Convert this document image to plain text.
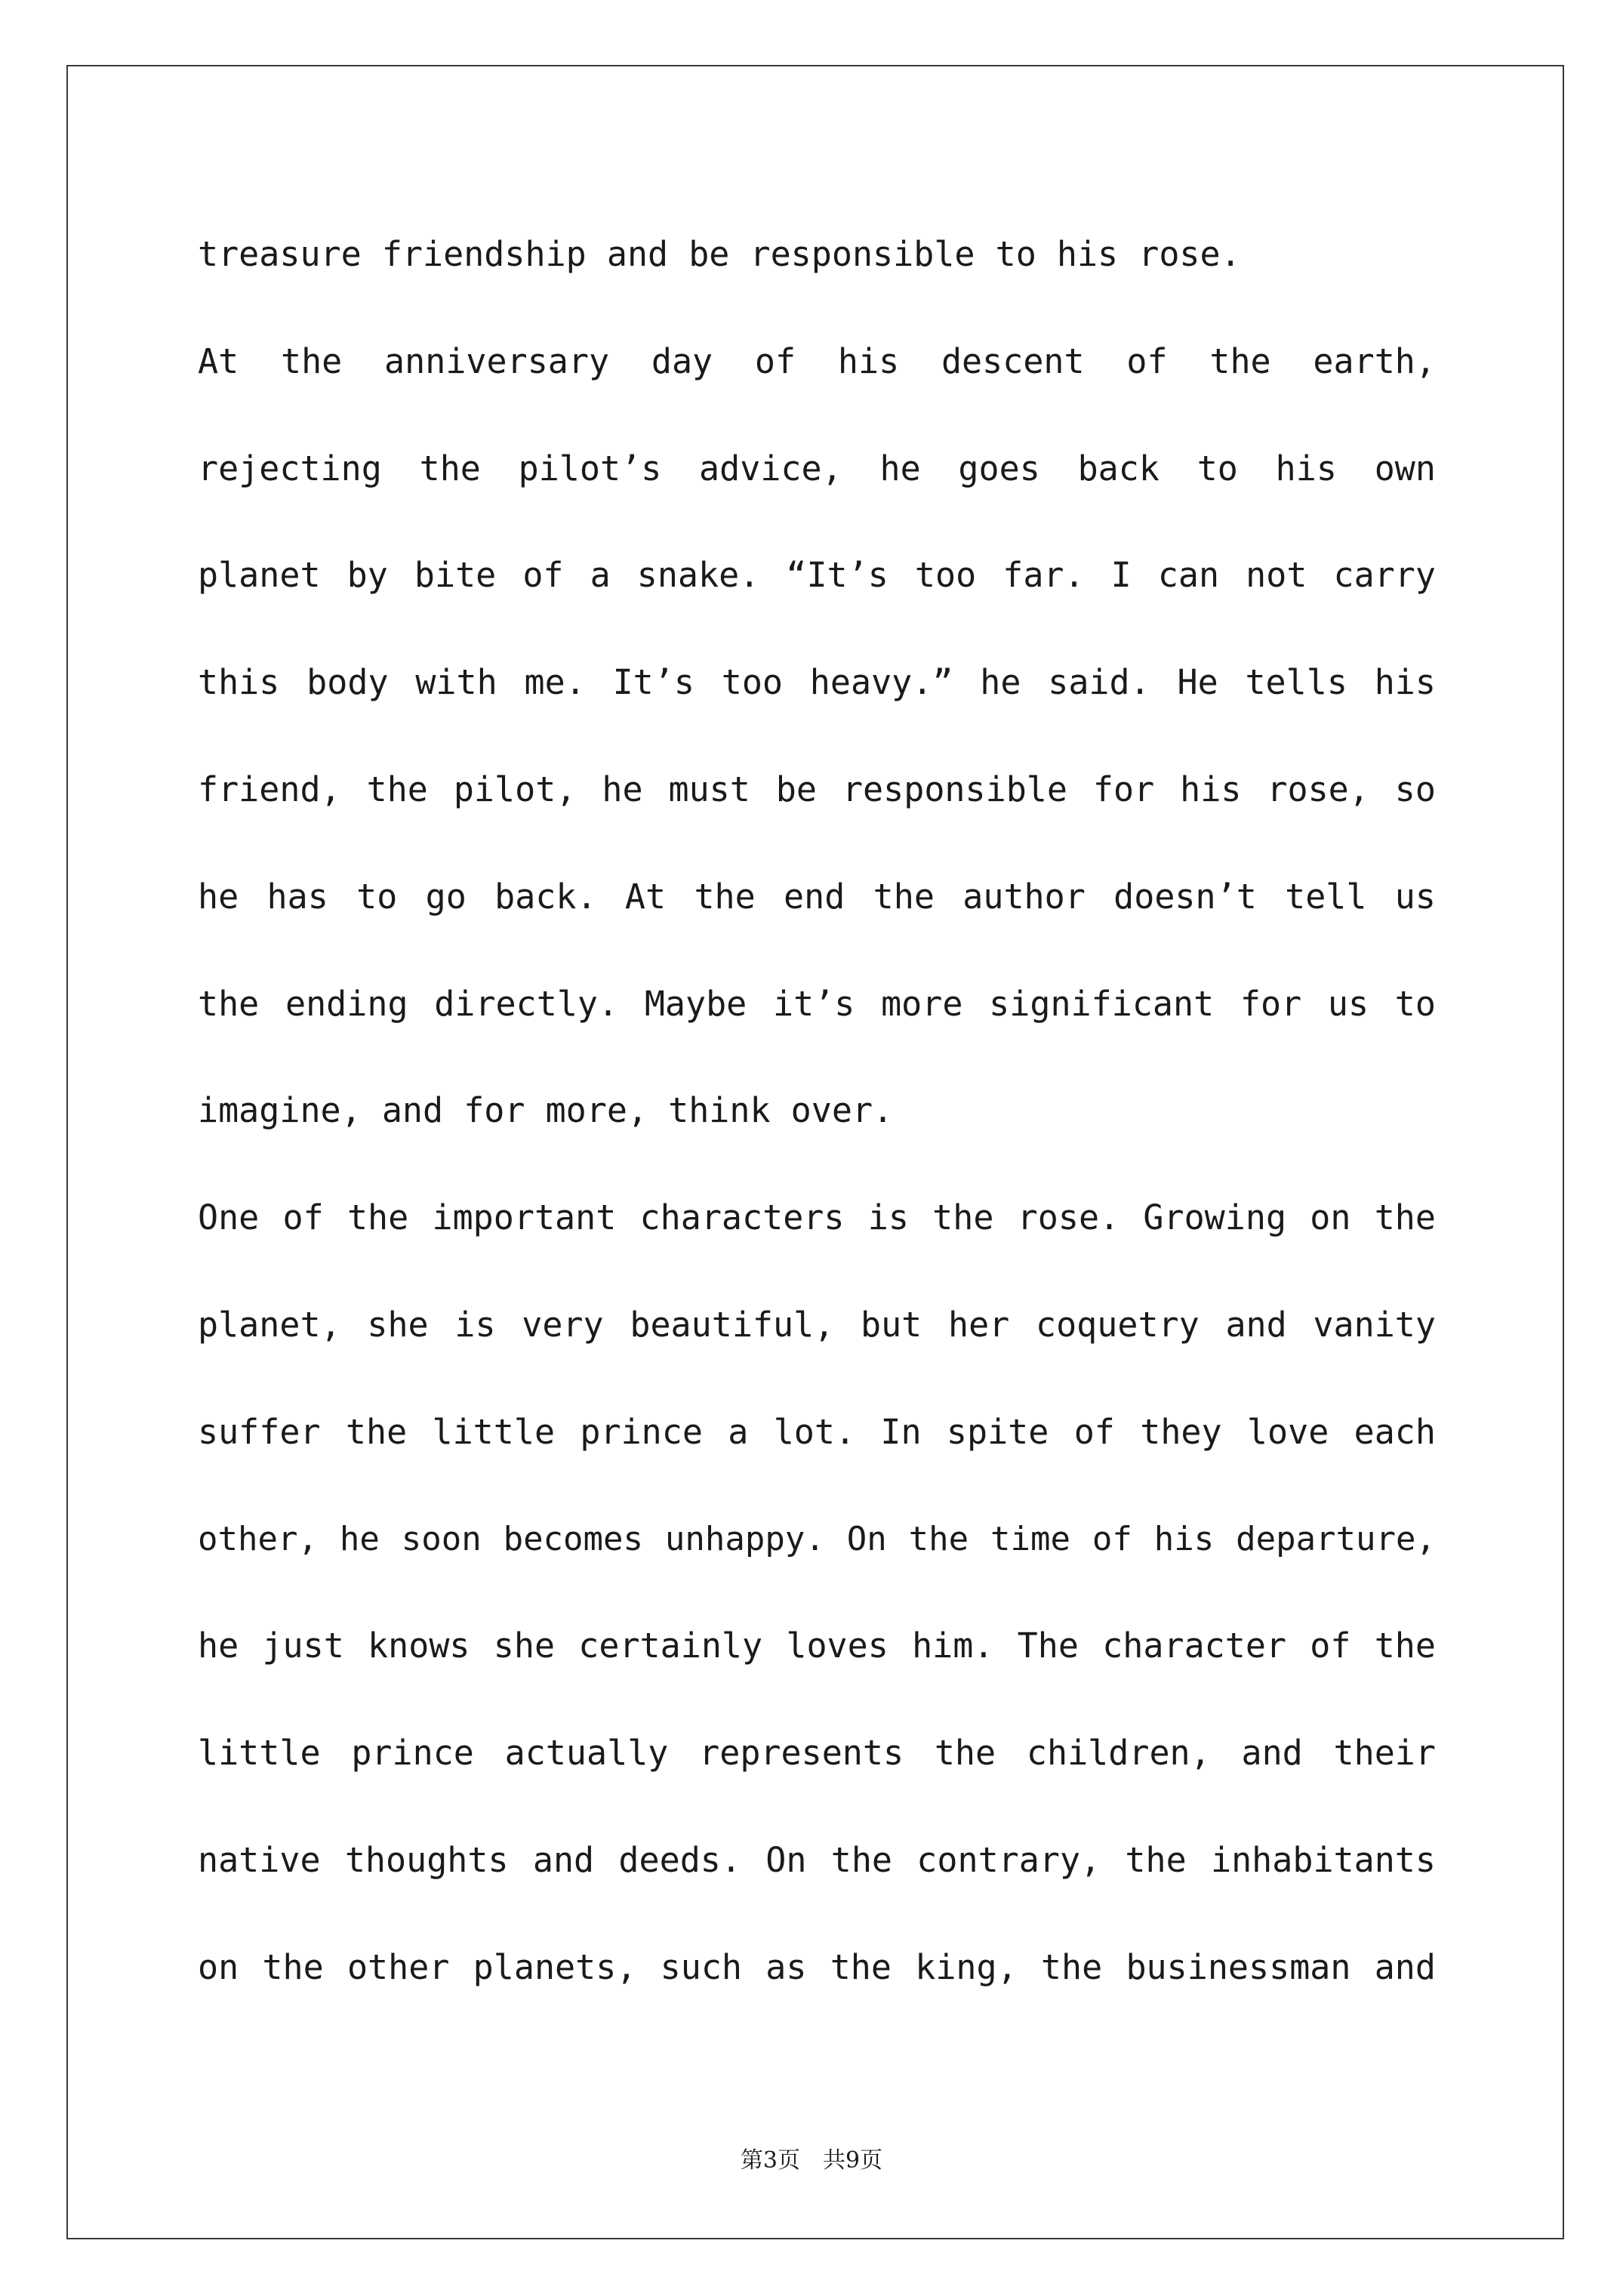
treasure friendship and be responsible to his rose.
At the anniversary day of his descent of the earth,
rejecting the pilot’s advice, he goes back to his own
planet by bite of a snake. “It’s too far. I can not carry
this body with me. It’s too heavy.” he said. He tells his
friend, the pilot, he must be responsible for his rose, so
he has to go back. At the end the author doesn’t tell us
the ending directly. Maybe it’s more significant for us to
imagine, and for more, think over.
One of the important characters is the rose. Growing on the
planet, she is very beautiful, but her coquetry and vanity
suffer the little prince a lot. In spite of they love each
other, he soon becomes unhappy. On the time of his departure,
he just knows she certainly loves him. The character of the
little prince actually represents the children, and their
native thoughts and deeds. On the contrary, the inhabitants
on the other planets, such as the king, the businessman and
第3页　共9页
